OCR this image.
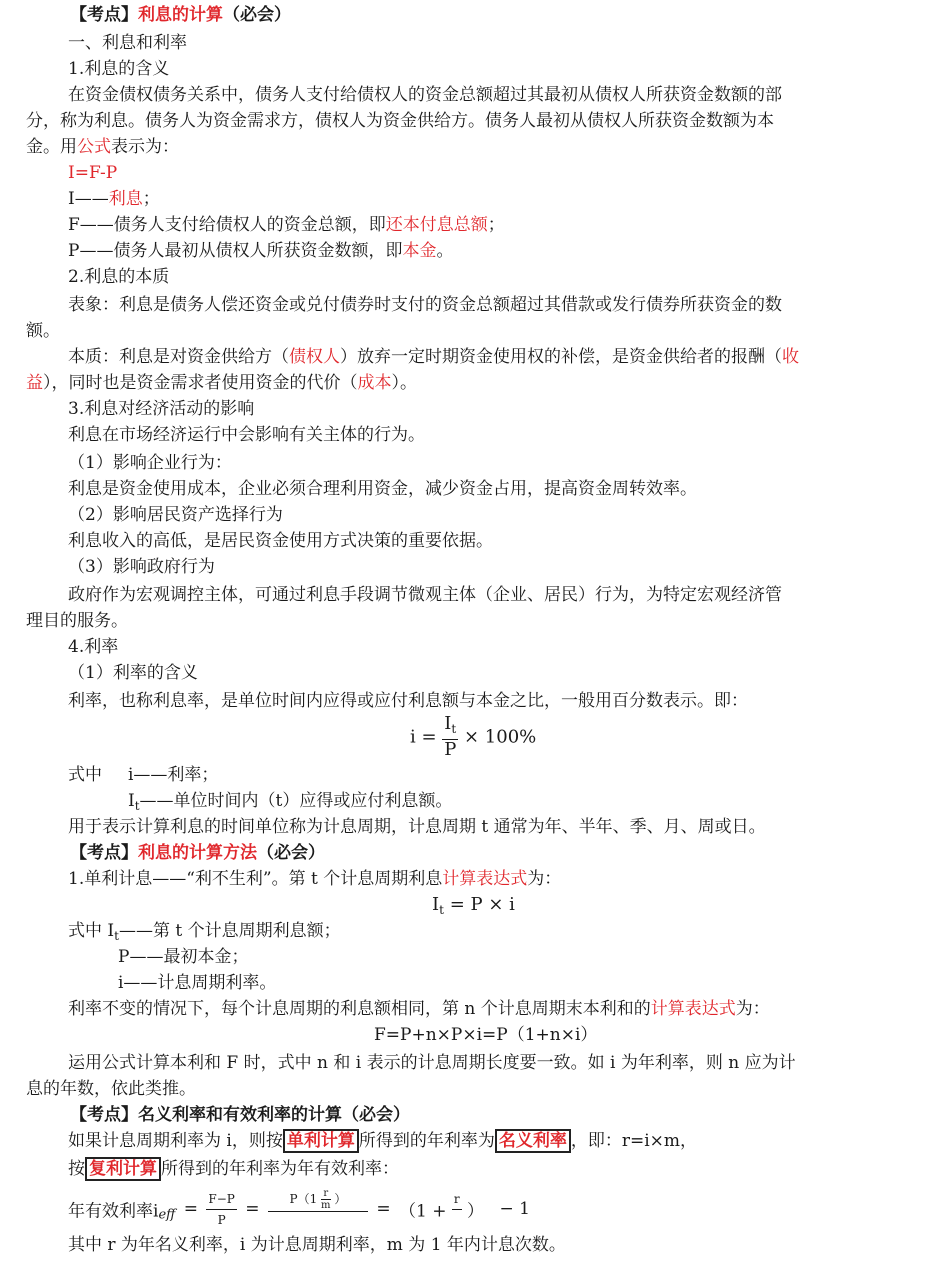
【考点】利息的计算（必会）
一、利息和利率
1.利息的含义
在资金债权债务关系中，债务人支付给债权人的资金总额超过其最初从债权人所获资金数额的部
分，称为利息。债务人为资金需求方，债权人为资金供给方。债务人最初从债权人所获资金数额为本
金。用公式表示为：
I=F-P
I——利息；
F——债务人支付给债权人的资金总额，即还本付息总额；
P——债务人最初从债权人所获资金数额，即本金。
2.利息的本质
表象：利息是债务人偿还资金或兑付债券时支付的资金总额超过其借款或发行债券所获资金的数
额。
本质：利息是对资金供给方（债权人）放弃一定时期资金使用权的补偿，是资金供给者的报酬（收
益），同时也是资金需求者使用资金的代价（成本）。
3.利息对经济活动的影响
利息在市场经济运行中会影响有关主体的行为。
（1）影响企业行为：
利息是资金使用成本，企业必须合理利用资金，减少资金占用，提高资金周转效率。
（2）影响居民资产选择行为
利息收入的高低，是居民资金使用方式决策的重要依据。
（3）影响政府行为
政府作为宏观调控主体，可通过利息手段调节微观主体（企业、居民）行为，为特定宏观经济管
理目的服务。
4.利率
（1）利率的含义
利率，也称利息率，是单位时间内应得或应付利息额与本金之比，一般用百分数表示。即：
$i = \frac{I_t}{P} \times 100\%$
式中 i——利率；
$I_t——$单位时间内（t）应得或应付利息额。
用于表示计算利息的时间单位称为计息周期，计息周期 t 通常为年、半年、季、月、周或日。
【考点】利息的计算方法（必会）
1.单利计息——“利不生利”。第 t 个计息周期利息计算表达式为：
$I_t = P \times i$
式中 $I_t——$第 t 个计息周期利息额；
P——最初本金；
i——计息周期利率。
利率不变的情况下，每个计息周期的利息额相同，第 n 个计息周期末本利和的计算表达式为：
F=P+n×P×i=P（1+n×i）
运用公式计算本利和 F 时，式中 n 和 i 表示的计息周期长度要一致。如 i 为年利率，则 n 应为计
息的年数，依此类推。
【考点】名义利率和有效利率的计算（必会）
如果计息周期利率为 i，则按 单利计算 所得到的年利率为 名义利率 ，即：r=i×m，
按 复利计算 所得到的年利率为年有效利率：
年有效利率$i_{eff} = \frac{F-P}{P}$ =	$P(1 \frac{r}{m}$ ）
	= （1 +
r

） − 1
其中 r 为年名义利率，i 为计息周期利率，m 为 1 年内计息次数。
